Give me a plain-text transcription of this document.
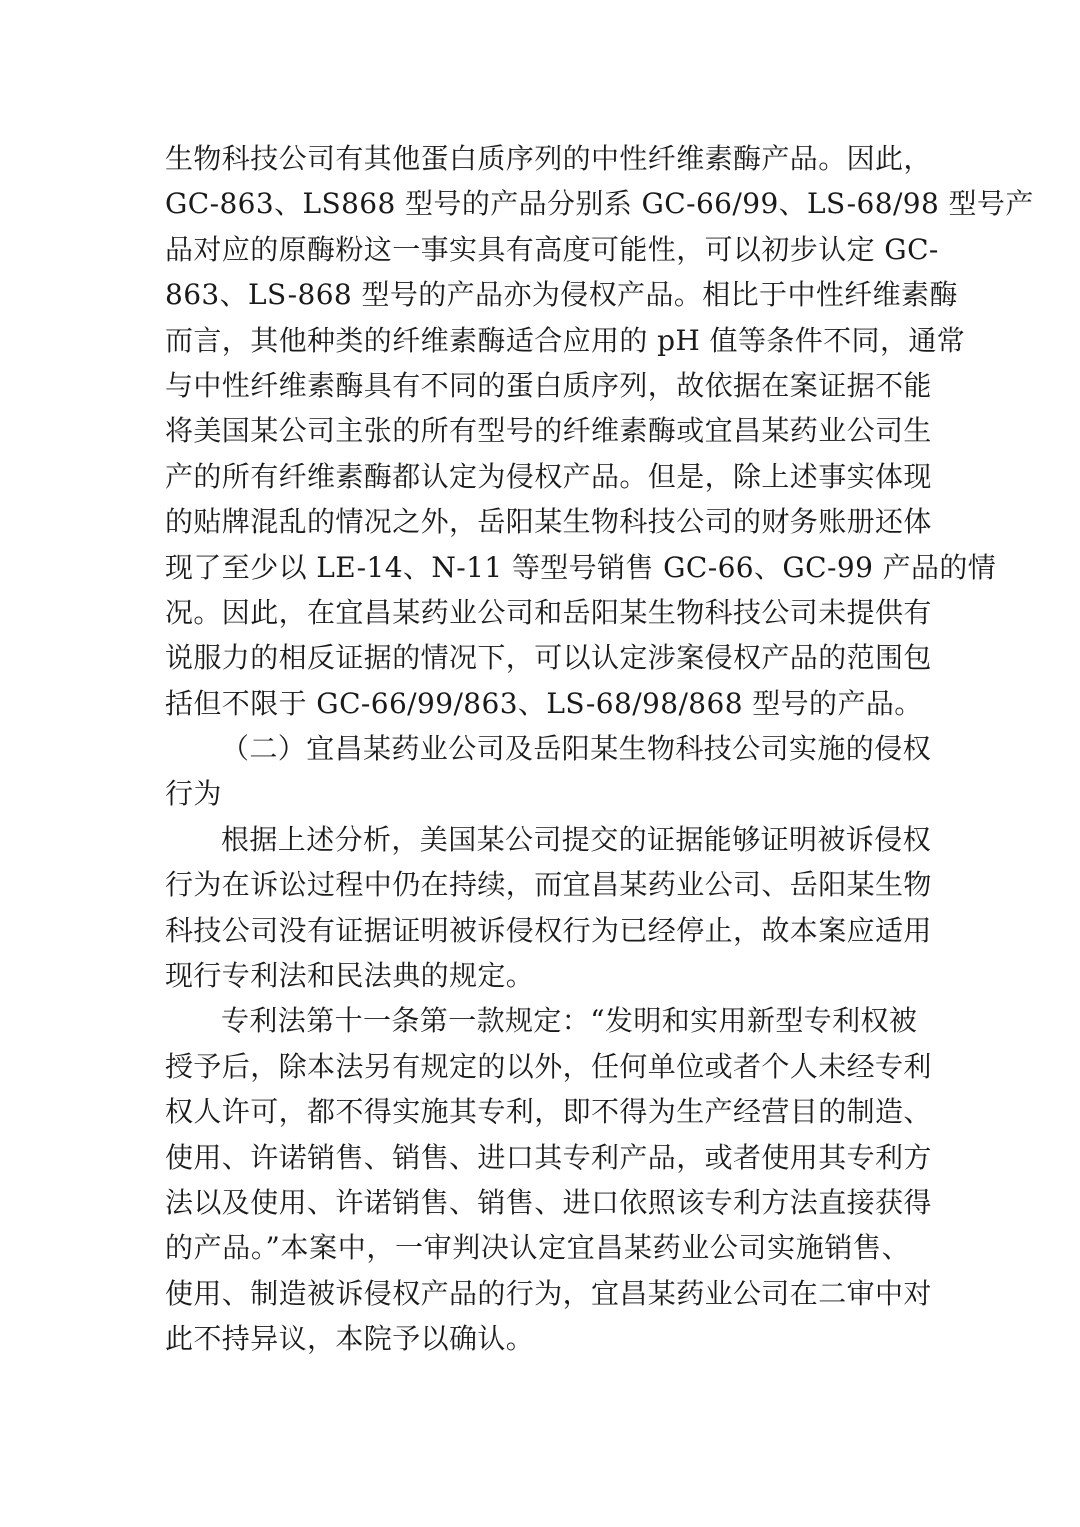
生物科技公司有其他蛋白质序列的中性纤维素酶产品。因此，
GC-863、LS868 型号的产品分别系 GC-66/99、LS-68/98 型号产
品对应的原酶粉这一事实具有高度可能性，可以初步认定 GC-
863、LS-868 型号的产品亦为侵权产品。相比于中性纤维素酶
而言，其他种类的纤维素酶适合应用的 pH 值等条件不同，通常
与中性纤维素酶具有不同的蛋白质序列，故依据在案证据不能
将美国某公司主张的所有型号的纤维素酶或宜昌某药业公司生
产的所有纤维素酶都认定为侵权产品。但是，除上述事实体现
的贴牌混乱的情况之外，岳阳某生物科技公司的财务账册还体
现了至少以 LE-14、N-11 等型号销售 GC-66、GC-99 产品的情
况。因此，在宜昌某药业公司和岳阳某生物科技公司未提供有
说服力的相反证据的情况下，可以认定涉案侵权产品的范围包
括但不限于 GC-66/99/863、LS-68/98/868 型号的产品。
（二）宜昌某药业公司及岳阳某生物科技公司实施的侵权
行为
根据上述分析，美国某公司提交的证据能够证明被诉侵权
行为在诉讼过程中仍在持续，而宜昌某药业公司、岳阳某生物
科技公司没有证据证明被诉侵权行为已经停止，故本案应适用
现行专利法和民法典的规定。
专利法第十一条第一款规定：“发明和实用新型专利权被
授予后，除本法另有规定的以外，任何单位或者个人未经专利
权人许可，都不得实施其专利，即不得为生产经营目的制造、
使用、许诺销售、销售、进口其专利产品，或者使用其专利方
法以及使用、许诺销售、销售、进口依照该专利方法直接获得
的产品。”本案中，一审判决认定宜昌某药业公司实施销售、
使用、制造被诉侵权产品的行为，宜昌某药业公司在二审中对
此不持异议，本院予以确认。
